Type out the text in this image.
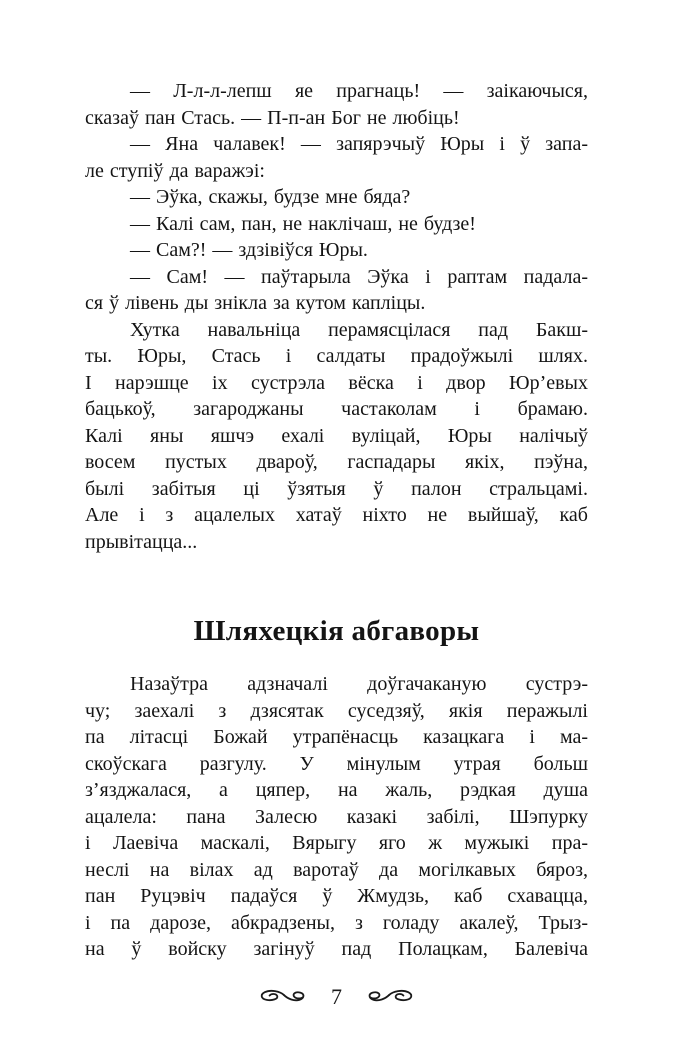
— Л-л-л-лепш яе прагнаць! — заікаючыся,
сказаў пан Стась. — П-п-ан Бог не любіць!
— Яна чалавек! — запярэчыў Юры і ў запа-
ле ступіў да варажэі:
— Эўка, скажы, будзе мне бяда?
— Калі сам, пан, не наклічаш, не будзе!
— Сам?! — здзівіўся Юры.
— Сам! — паўтарыла Эўка і раптам падала-
ся ў лівень ды знікла за кутом капліцы.
Хутка навальніца перамясцілася пад Бакш-
ты. Юры, Стась і салдаты прадоўжылі шлях.
І нарэшце іх сустрэла вёска і двор Юр’евых
бацькоў, загароджаны частаколам і брамаю.
Калі яны яшчэ ехалі вуліцай, Юры налічыў
восем пустых двароў, гаспадары якіх, пэўна,
былі забітыя ці ўзятыя ў палон стральцамі.
Але і з ацалелых хатаў ніхто не выйшаў, каб
прывітацца...
Шляхецкія абгаворы
Назаўтра адзначалі доўгачаканую сустрэ-
чу; заехалі з дзясятак суседзяў, якія перажылі
па літасці Божай утрапёнасць казацкага і ма-
скоўскага разгулу. У мінулым утрая больш
з’язджалася, а цяпер, на жаль, рэдкая душа
ацалела: пана Залесю казакі забілі, Шэпурку
і Лаевіча маскалі, Вярыгу яго ж мужыкі пра-
неслі на вілах ад варотаў да могілкавых бяроз,
пан Руцэвіч падаўся ў Жмудзь, каб схавацца,
і па дарозе, абкрадзены, з голаду акалеў, Трыз-
на ў войску загінуў пад Полацкам, Балевіча
7
